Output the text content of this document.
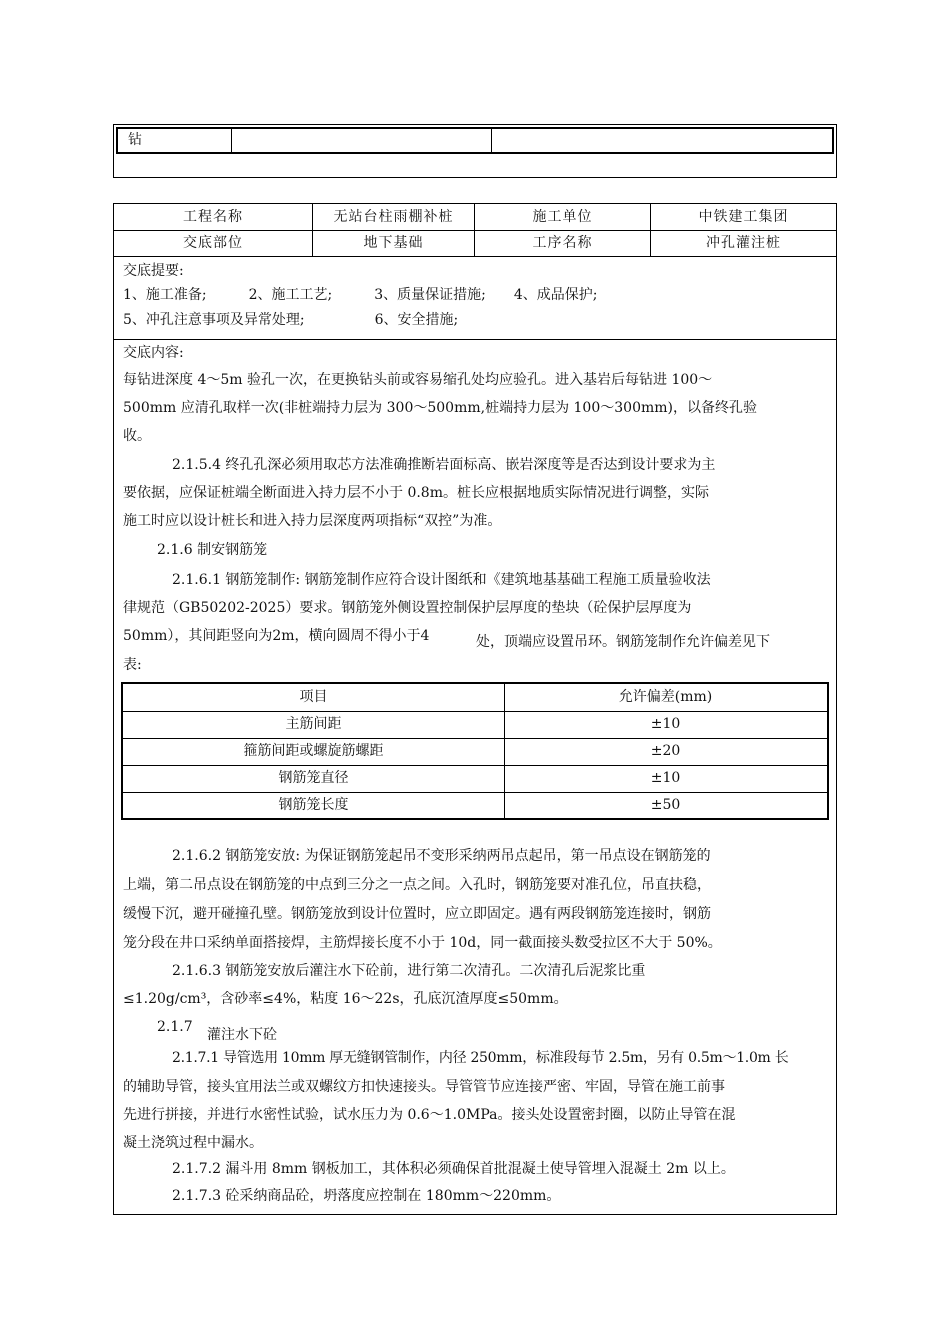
钻
工程名称	无站台柱雨棚补桩	施工单位	中铁建工集团
交底部位	地下基础	工序名称	冲孔灌注桩
交底提要:
1、施工准备;　　　2、施工工艺;　　　3、质量保证措施;　　4、成品保护;
5、冲孔注意事项及异常处理;　　　　　6、安全措施;
交底内容:
每钻进深度 4～5m 验孔一次，在更换钻头前或容易缩孔处均应验孔。进入基岩后每钻进 100～
500mm 应清孔取样一次(非桩端持力层为 300～500mm,桩端持力层为 100～300mm)，以备终孔验
收。
2.1.5.4 终孔孔深必须用取芯方法准确推断岩面标高、嵌岩深度等是否达到设计要求为主
要依据，应保证桩端全断面进入持力层不小于 0.8m。桩长应根据地质实际情况进行调整，实际
施工时应以设计桩长和进入持力层深度两项指标“双控”为准。
2.1.6 制安钢筋笼
2.1.6.1 钢筋笼制作: 钢筋笼制作应符合设计图纸和《建筑地基基础工程施工质量验收法
律规范（GB50202-2025）要求。钢筋笼外侧设置控制保护层厚度的垫块（砼保护层厚度为
50mm），其间距竖向为2m，横向圆周不得小于4	处，顶端应设置吊环。钢筋笼制作允许偏差见下
表:
2.1.6.2 钢筋笼安放: 为保证钢筋笼起吊不变形采纳两吊点起吊，第一吊点设在钢筋笼的
上端，第二吊点设在钢筋笼的中点到三分之一点之间。入孔时，钢筋笼要对准孔位，吊直扶稳，
缓慢下沉，避开碰撞孔壁。钢筋笼放到设计位置时，应立即固定。遇有两段钢筋笼连接时，钢筋
笼分段在井口采纳单面搭接焊，主筋焊接长度不小于 10d，同一截面接头数受拉区不大于 50%。
2.1.6.3 钢筋笼安放后灌注水下砼前，进行第二次清孔。二次清孔后泥浆比重
≤1.20g/cm³，含砂率≤4%，粘度 16～22s，孔底沉渣厚度≤50mm。
2.1.7 灌注水下砼
2.1.7.1 导管选用 10mm 厚无缝钢管制作，内径 250mm，标准段每节 2.5m，另有 0.5m～1.0m 长
的辅助导管，接头宜用法兰或双螺纹方扣快速接头。导管管节应连接严密、牢固，导管在施工前事
先进行拼接，并进行水密性试验，试水压力为 0.6～1.0MPa。接头处设置密封圈，以防止导管在混
凝土浇筑过程中漏水。
2.1.7.2 漏斗用 8mm 钢板加工，其体积必须确保首批混凝土使导管埋入混凝土 2m 以上。
2.1.7.3 砼采纳商品砼，坍落度应控制在 180mm～220mm。
项目	允许偏差(mm)
主筋间距	±10
箍筋间距或螺旋筋螺距	±20
钢筋笼直径	±10
钢筋笼长度	±50
